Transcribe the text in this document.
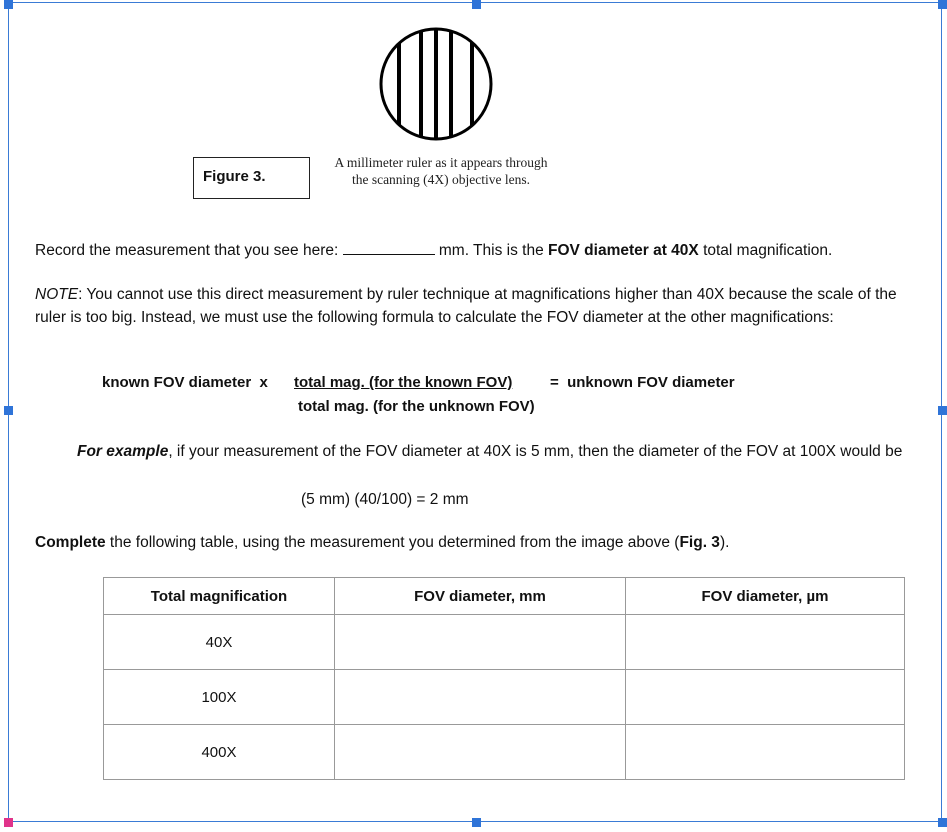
Figure 3.
A millimeter ruler as it appears through
the scanning (4X) objective lens.
Record the measurement that you see here:	mm. This is the FOV diameter at 40X total magnification.
NOTE: You cannot use this direct measurement by ruler technique at magnifications higher than 40X because the scale of the ruler is too big. Instead, we must use the following formula to calculate the FOV diameter at the other magnifications:
known FOV diameter  x total mag. (for the known FOV)	=  unknown FOV diameter
total mag. (for the unknown FOV)
For example, if your measurement of the FOV diameter at 40X is 5 mm, then the diameter of the FOV at 100X would be
(5 mm) (40/100) = 2 mm
Complete the following table, using the measurement you determined from the image above (Fig. 3).
Total magnification	FOV diameter, mm	FOV diameter, µm
40X		
100X		
400X		
